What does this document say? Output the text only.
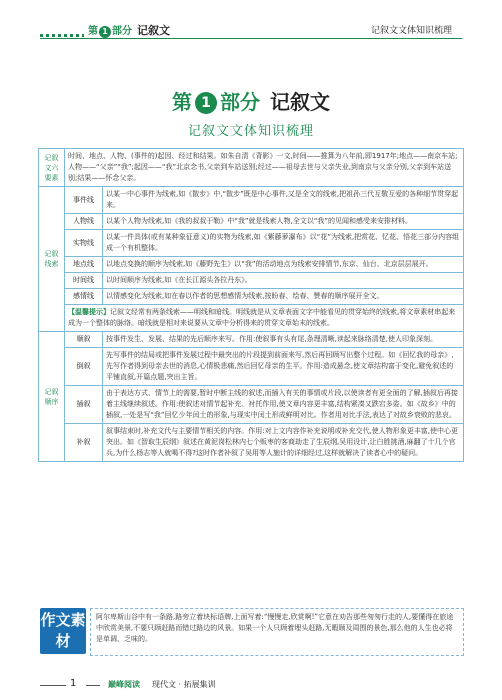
第 1 部分 记叙文	记叙文文体知识梳理
第 1 部分 记叙文
记叙文文体知识梳理
记叙文六要素	时间、地点、人物、(事件的)起因、经过和结果。如朱自清《背影》一文,时间——推算为八年前,即1917年;地点——南京车站;人物——“父亲”“我”;起因——“我”北京念书,父亲到车站送别;经过——祖母去世与父亲失业,到南京与父亲分别,父亲到车站送别;结果——怀念父亲。	
记叙线索	事件线	以某一中心事件为线索,如《散步》中,“散步”既是中心事件,又是全文的线索,把祖孙三代互敬互爱的各种细节贯穿起来。
	人物线	以某个人物为线索,如《我的叔叔于勒》中“我”就是线索人物,全文以“我”的见闻和感受来安排材料。
	实物线	以某一件具体(或有某种象征意义)的实物为线索,如《紫藤萝瀑布》以“花”为线索,把赏花、忆花、悟花三部分内容组成一个有机整体。
	地点线	以地点变换的顺序为线索,如《藤野先生》以“我”的活动地点为线索安排情节,东京、仙台、北京层层展开。
	时间线	以时间顺序为线索,如《在长江源头各拉丹东》。
	感情线	以情感变化为线索,如在春以作者的思想感情为线索,按盼春、绘春、赞春的顺序展开全文。
	【温馨提示】记叙文经常有两条线索——明线和暗线。明线就是从文章表面文字中能看见的贯穿始终的线索,将文章素材串起来成为一个整体的脉络。暗线就是相对来说要从文章中分析得来的贯穿文章始末的线索。	
记叙顺序	顺叙	按事件发生、发展、结果的先后顺序来写。作用:使叙事有头有尾,条理清晰,读起来脉络清楚,使人印象深刻。
	倒叙	先写事件的结局或把事件发展过程中最突出的片段提到前面来写,然后再回顾写出整个过程。如《回忆我的母亲》,先写作者得到母亲去世的消息,心情极悲痛,然后回忆母亲的生平。作用:造成悬念,使文章结构富于变化,避免叙述的平铺直叙,开篇点题,突出主旨。
	插叙	由于表达方式、情节上的需要,暂时中断主线的叙述,而插入有关的事情或片段,以使读者有更全面的了解,插叙后再接着主线继续叙述。作用:使叙述对情节起补充、衬托作用,使文章内容更丰富,结构紧凑又跌宕多姿。如《故乡》中的插叙,一处是写“我”回忆少年闰土的形象,与现实中闰土形成鲜明对比。作者用对比手法,表达了对故乡衰败的悲哀。
	补叙	叙事结束时,补充文代与主要情节相关的内容。作用:对上文内容作补充说明或补充交代,使人物形象更丰富,使中心更突出。如《智取生辰纲》叙述在黄泥岗松林内七个贩枣的客商劫走了生辰纲,吴用设计,让白胜挑酒,麻翻了十几个官兵,为什么杨志等人就喝不得?这时作者补叙了吴用等人施计的详细经过,这样就解决了读者心中的疑问。
作文素材
阿尔卑斯山谷中有一条路,路旁立着块标语牌,上面写着:“慢慢走,欣赏啊!”它意在劝告那些匆匆行走的人,要懂得在旅途中欣赏美景,不要只顾赶路而错过路边的风景。如果一个人只顾着埋头赶路,无暇顾及周围的景色,那么他的人生也必将是单调、乏味的。
1	巅峰阅读 现代文 · 拓展集训
